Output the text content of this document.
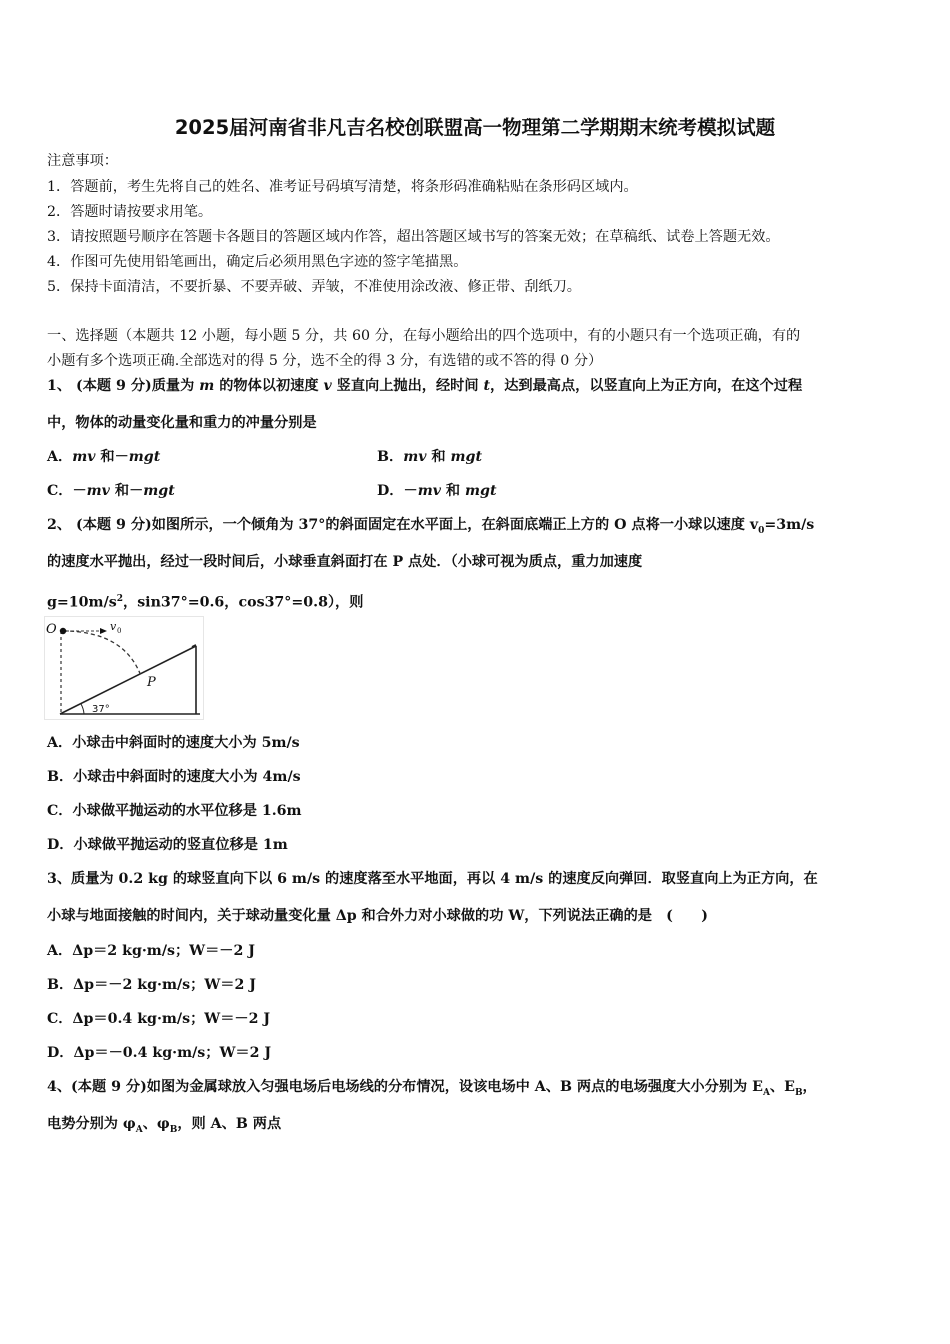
2025届河南省非凡吉名校创联盟高一物理第二学期期末统考模拟试题
注意事项：
1．答题前，考生先将自己的姓名、准考证号码填写清楚，将条形码准确粘贴在条形码区域内。
2．答题时请按要求用笔。
3．请按照题号顺序在答题卡各题目的答题区域内作答，超出答题区域书写的答案无效；在草稿纸、试卷上答题无效。
4．作图可先使用铅笔画出，确定后必须用黑色字迹的签字笔描黑。
5．保持卡面清洁，不要折暴、不要弄破、弄皱，不准使用涂改液、修正带、刮纸刀。
一、选择题（本题共 12 小题，每小题 5 分，共 60 分，在每小题给出的四个选项中，有的小题只有一个选项正确，有的
小题有多个选项正确.全部选对的得 5 分，选不全的得 3 分，有选错的或不答的得 0 分）
1、 (本题 9 分)质量为 m 的物体以初速度 v 竖直向上抛出，经时间 t，达到最高点，以竖直向上为正方向，在这个过程
中，物体的动量变化量和重力的冲量分别是
A．mv 和－mgt	B．mv 和 mgt
C．－mv 和－mgt	D．－mv 和 mgt
2、 (本题 9 分)如图所示，一个倾角为 37°的斜面固定在水平面上，在斜面底端正上方的 O 点将一小球以速度 $v_0=3m/s$
的速度水平抛出，经过一段时间后，小球垂直斜面打在 P 点处．（小球可视为质点，重力加速度
$g=10m/s^2$，sin37°=0.6，cos37°=0.8），则
O	v 0
P
37°
A．小球击中斜面时的速度大小为 5m/s
B．小球击中斜面时的速度大小为 4m/s
C．小球做平抛运动的水平位移是 1.6m
D．小球做平抛运动的竖直位移是 1m
3、质量为 0.2 kg 的球竖直向下以 6 m/s 的速度落至水平地面，再以 4 m/s 的速度反向弹回．取竖直向上为正方向，在
小球与地面接触的时间内，关于球动量变化量 Δp 和合外力对小球做的功 W，下列说法正确的是　(　　)
A．Δp＝2 kg·m/s；W＝－2 J
B．Δp＝－2 kg·m/s；W＝2 J
C．Δp＝0.4 kg·m/s；W＝－2 J
D．Δp＝－0.4 kg·m/s；W＝2 J
4、(本题 9 分)如图为金属球放入匀强电场后电场线的分布情况，设该电场中 A、B 两点的电场强度大小分别为 $E_A$、$E_B$，
电势分别为 $\varphi_A$、$\varphi_B$，则 A、B 两点
